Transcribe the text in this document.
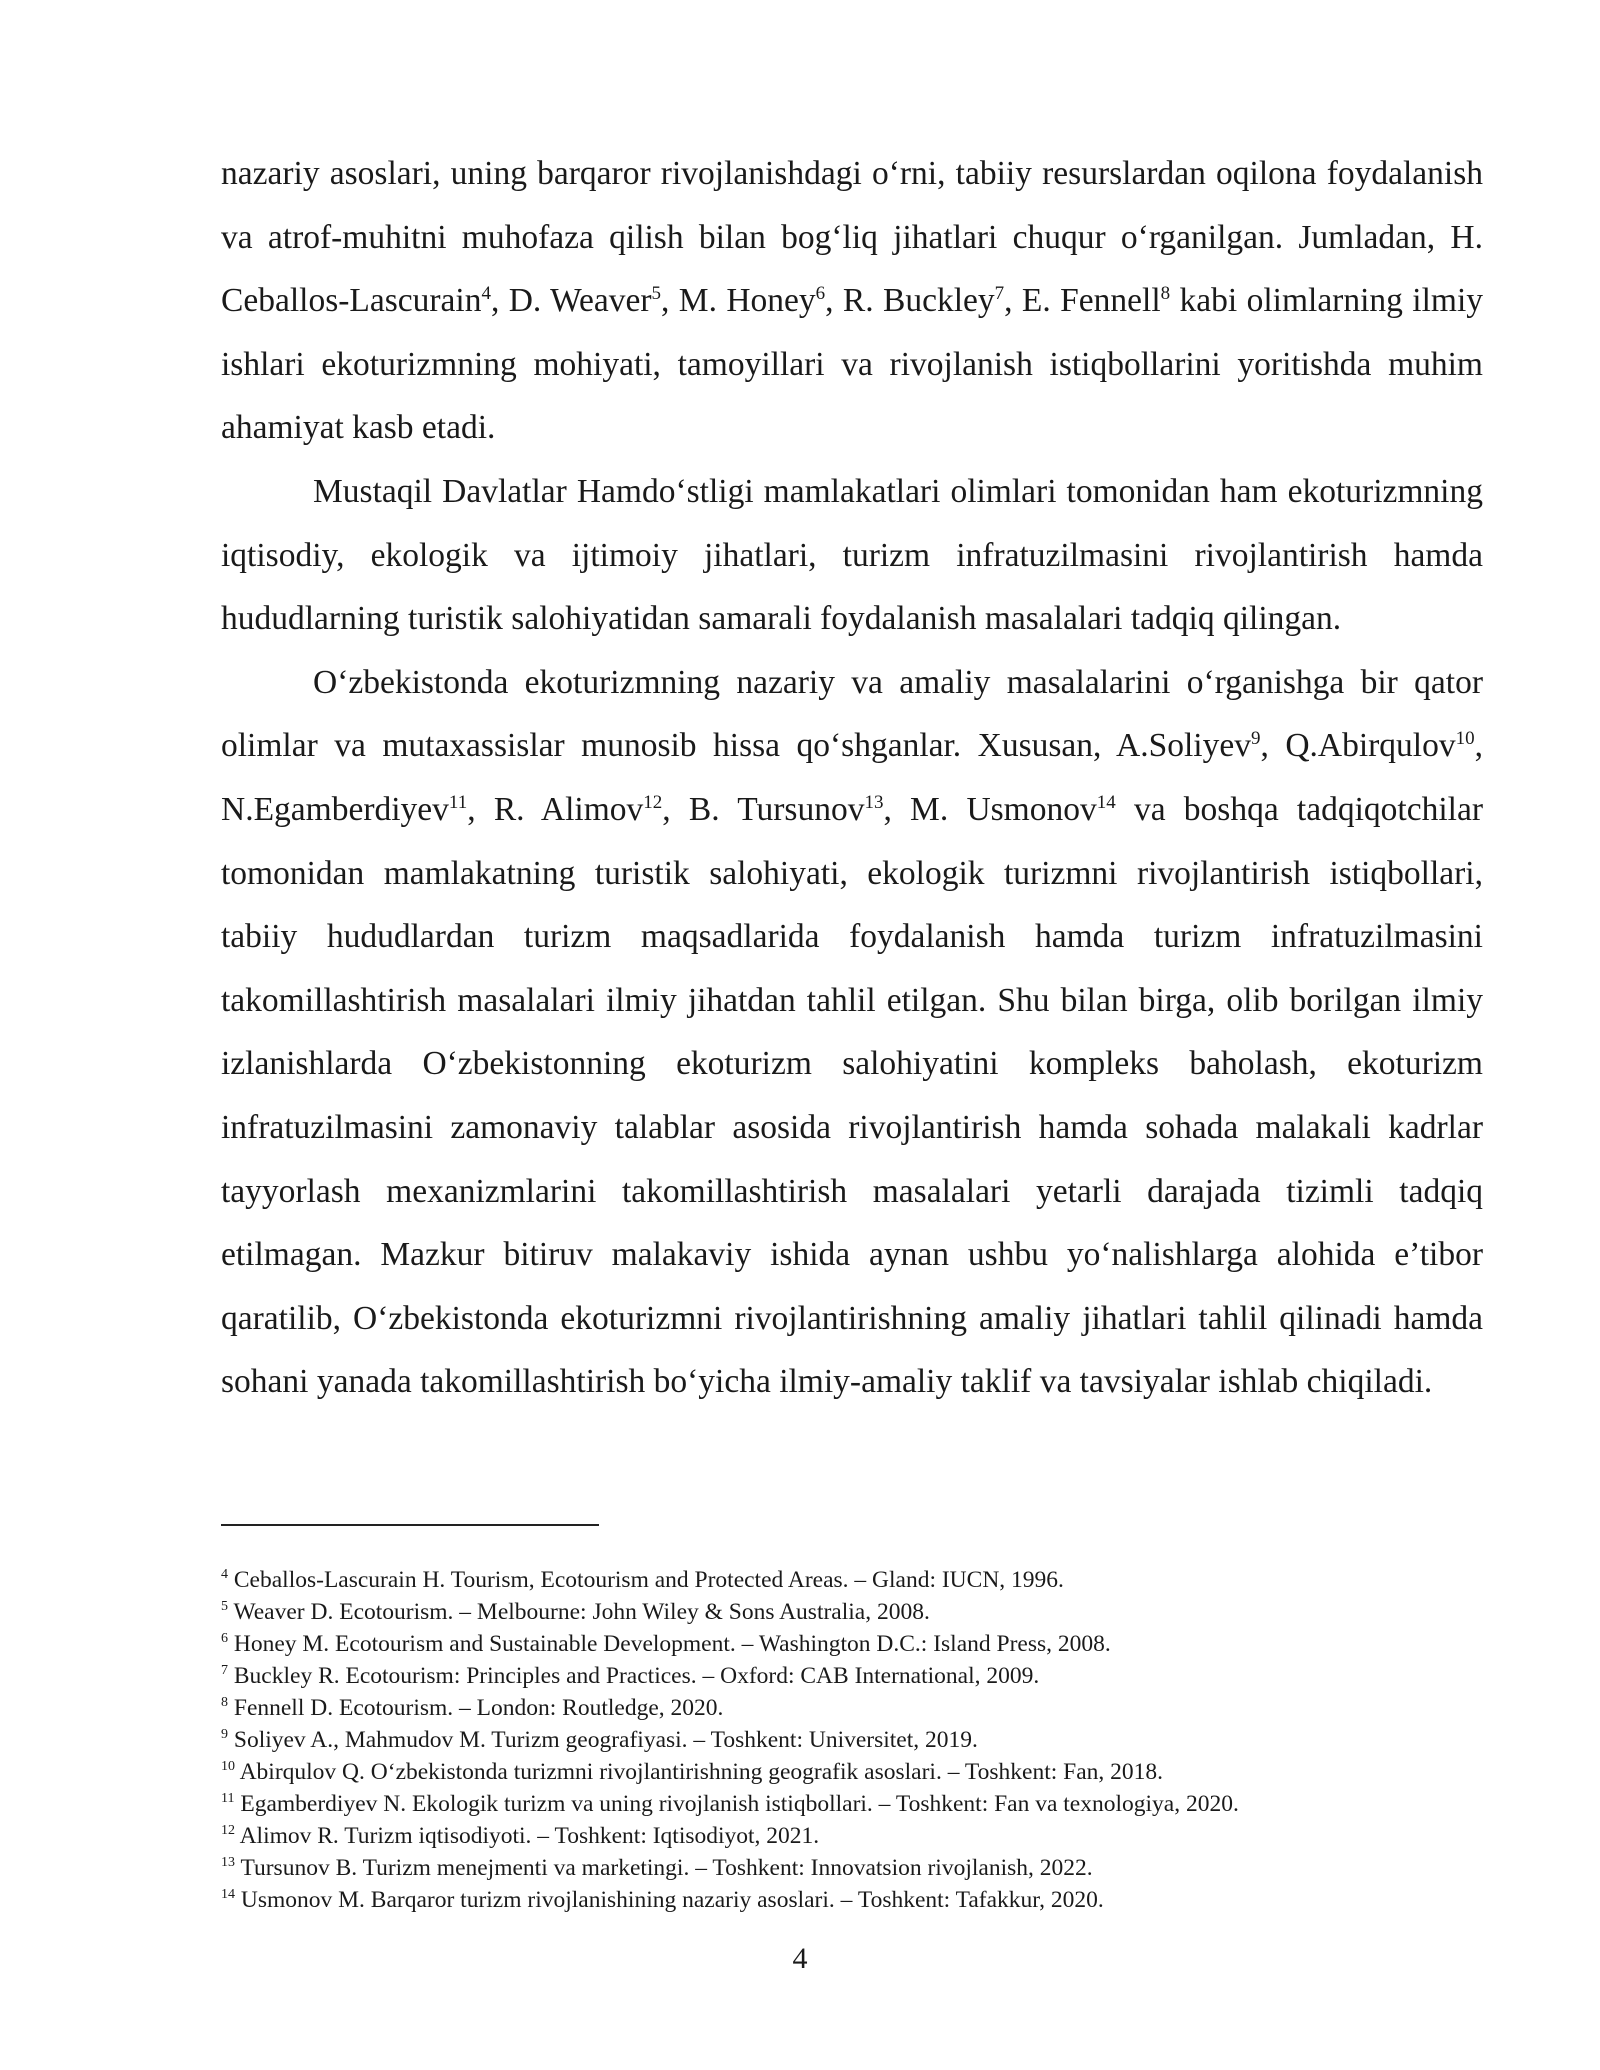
nazariy asoslari, uning barqaror rivojlanishdagi o‘rni, tabiiy resurslardan oqilona foydalanish va atrof-muhitni muhofaza qilish bilan bog‘liq jihatlari chuqur o‘rganilgan. Jumladan, H. Ceballos-Lascurain$^4$, D. Weaver$^5$, M. Honey$^6$, R. Buckley$^7$, E. Fennell$^8$ kabi olimlarning ilmiy ishlari ekoturizmning mohiyati, tamoyillari va rivojlanish istiqbollarini yoritishda muhim ahamiyat kasb etadi.

Mustaqil Davlatlar Hamdo‘stligi mamlakatlari olimlari tomonidan ham ekoturizmning iqtisodiy, ekologik va ijtimoiy jihatlari, turizm infratuzilmasini rivojlantirish hamda hududlarning turistik salohiyatidan samarali foydalanish masalalari tadqiq qilingan.

O‘zbekistonda ekoturizmning nazariy va amaliy masalalarini o‘rganishga bir qator olimlar va mutaxassislar munosib hissa qo‘shganlar. Xususan, A.Soliyev$^9$, Q.Abirqulov$^{10}$, N.Egamberdiyev$^{11}$, R. Alimov$^{12}$, B. Tursunov$^{13}$, M. Usmonov$^{14}$ va boshqa tadqiqotchilar tomonidan mamlakatning turistik salohiyati, ekologik turizmni rivojlantirish istiqbollari, tabiiy hududlardan turizm maqsadlarida foydalanish hamda turizm infratuzilmasini takomillashtirish masalalari ilmiy jihatdan tahlil etilgan. Shu bilan birga, olib borilgan ilmiy izlanishlarda O‘zbekistonning ekoturizm salohiyatini kompleks baholash, ekoturizm infratuzilmasini zamonaviy talablar asosida rivojlantirish hamda sohada malakali kadrlar tayyorlash mexanizmlarini takomillashtirish masalalari yetarli darajada tizimli tadqiq etilmagan. Mazkur bitiruv malakaviy ishida aynan ushbu yo‘nalishlarga alohida e’tibor qaratilib, O‘zbekistonda ekoturizmni rivojlantirishning amaliy jihatlari tahlil qilinadi hamda sohani yanada takomillashtirish bo‘yicha ilmiy-amaliy taklif va tavsiyalar ishlab chiqiladi.

$^4$ Ceballos-Lascurain H. Tourism, Ecotourism and Protected Areas. – Gland: IUCN, 1996.

$^5$ Weaver D. Ecotourism. – Melbourne: John Wiley & Sons Australia, 2008.

$^6$ Honey M. Ecotourism and Sustainable Development. – Washington D.C.: Island Press, 2008.

$^7$ Buckley R. Ecotourism: Principles and Practices. – Oxford: CAB International, 2009.

$^8$ Fennell D. Ecotourism. – London: Routledge, 2020.

$^9$ Soliyev A., Mahmudov M. Turizm geografiyasi. – Toshkent: Universitet, 2019.

$^{10}$ Abirqulov Q. O‘zbekistonda turizmni rivojlantirishning geografik asoslari. – Toshkent: Fan, 2018.

$^{11}$ Egamberdiyev N. Ekologik turizm va uning rivojlanish istiqbollari. – Toshkent: Fan va texnologiya, 2020.

$^{12}$ Alimov R. Turizm iqtisodiyoti. – Toshkent: Iqtisodiyot, 2021.

$^{13}$ Tursunov B. Turizm menejmenti va marketingi. – Toshkent: Innovatsion rivojlanish, 2022.

$^{14}$ Usmonov M. Barqaror turizm rivojlanishining nazariy asoslari. – Toshkent: Tafakkur, 2020.

4
